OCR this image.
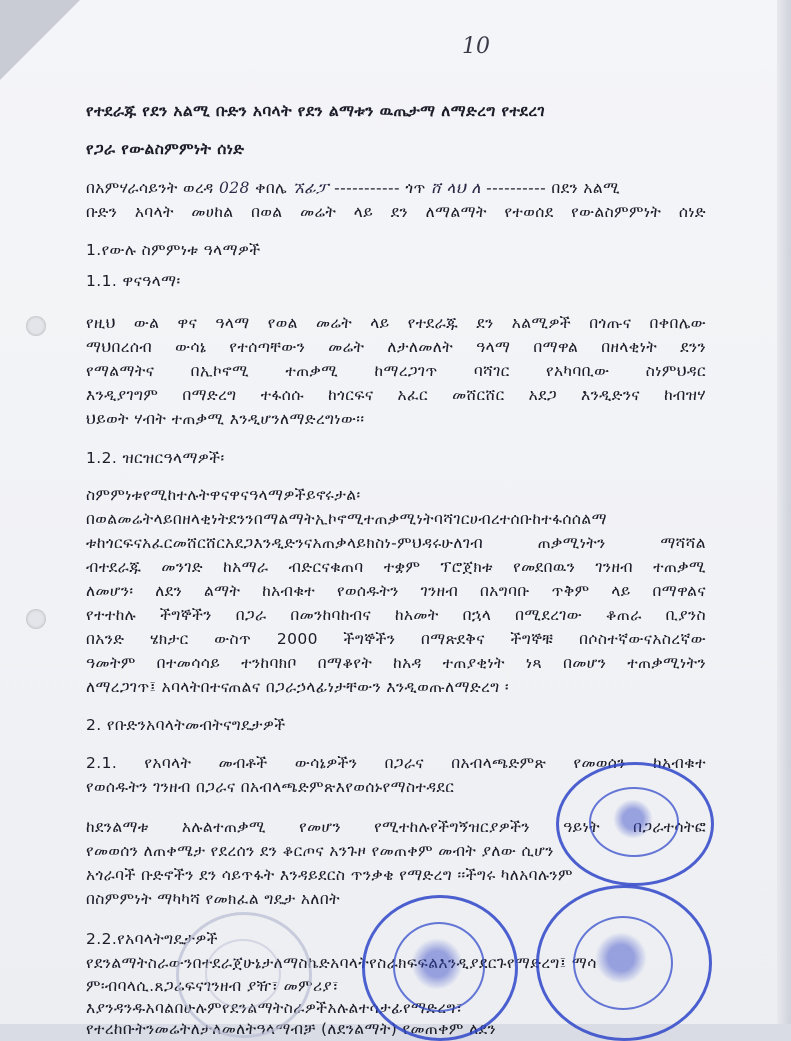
10
የተደራጁ የደን አልሚ ቡድን አባላት የደን ልማቱን ዉጤታማ ለማድረግ የተደረገ
የጋራ የውልስምምነት ሰነድ
በአምሃራሳይንት ወረዳ 028 ቀበሌ ኧፊፓ ----------- ጎጥ ሸ ላህ ለ ---------- በደን አልሚ
ቡድን አባላት መሀከል በወል መሬት ላይ ደን ለማልማት የተወሰደ የውልስምምነት ሰነድ
1.የውሉ ስምምነቱ ዓላማዎች
1.1. ዋናዓላማ፡
የዚህ ውል ዋና ዓላማ የወል መሬት ላይ የተደራጁ ደን አልሚዎች በጎጡና በቀበሌው
ማህበረሰብ ውሳኔ የተሰጣቸውን መሬት ለታለመለት ዓላማ በማዋል በዘላቂነት ደንን
የማልማትና በኢኮኖሚ ተጠቃሚ ከማረጋገጥ ባሻገር የአካባቢው ስነምህዳር
እንዲያገግም በማድረግ ተፋሰሱ ከጎርፍና አፈር መሸርሸር አደጋ እንዲድንና ከብዝሃ
ህይወት ሃብት ተጠቃሚ እንዲሆንለማድረግነው፡፡
1.2. ዝርዝርዓላማዎች፡
ስምምነቱየሚከተሉትዋናዋናዓላማዎችይኖሩታል፡
በወልመሬትላይበዘላቂነትደንንበማልማትኢኮኖሚተጠቃሚነትባሻገርሀብረተሰቡከተፋሰሰልማ
ቱከጎርፍናአፈርመሸርሸርአደጋእንዲድንናአጠቃላይክስነ-ምህዳሩሁለገብ ጠቃሚነትን ማሻሻል
ብተደራጁ መንገድ ከአማራ ብድርናቁጠባ ተቋም ፕሮጀክቱ የመደበዉን ገንዘብ ተጠቃሚ
ለመሆን፡ ለደን ልማት ከአብቁተ የወሰዱትን ገንዘብ በአግባቡ ጥቅም ላይ በማዋልና
የተተከሉ ችግኞችን በጋራ በመንከባከብና ከአመት በኋላ በሚደረገው ቆጠራ ቢያንስ
በአንድ ሄክታር ውስጥ 2000 ችግኞችን በማጽደቅና ችግኞቹ በሶስተኛውናአስረኛው
ዓመትም በተመሳሳይ ተንከባክቦ በማቆየት ከአዳ ተጠያቂነት ነጻ በመሆን ተጠቃሚነትን
ለማረጋገጥ፤ አባላትበተናጠልና በጋራኃላፊነታቸውን እንዲወጡለማድረግ ፡
2. የቡድንአባላትመብትናግዴታዎች
2.1. የአባላት መብቶች ውሳኔዎችን በጋራና በአብላጫድምጽ የመወሰን ከአብቁተ
የወሰዱትን ገንዘብ በጋራና በአብላጫድምጽእየወሰኑየማስተዳደር
ከደንልማቱ አሉልተጠቃሚ የመሆን የሚተከሉየችግኝዝርያዎችን ዓይነት በጋራተሳትፎ
የመወሰን ለጠቀሜታ የደረሰን ደን ቆርጦና አንጉዞ የመጠቀም መብት ያለው ሲሆን
አጎራባች ቡድኖችን ደን ሳይጥፋት እንዳይደርስ ጥንቃቄ የማድረግ ፡፡ችግሩ ካለአባሉንም
በስምምነት ማካካሻ የመክፈል ግዴታ አለበት
2.2.የአባላትግዴታዎች
የደንልማትስራውንበተደራጀሁኔታለማስኬድአባላትየስራክፍፍልእንዲያደርጉየማድረግ፤ ማሳ
ም፡ብባላሲ.ጸጋሬፍናገንዘብ ያዥ፣ መምሪያ፣
እያንዳንዱአባልበሁሉምየደንልማትስራዎችአሉልተሳታፊየማድረግ፣
የተረከቡትንመሬትለታለመለትዓላማብቻ (ለደንልማት) የመጠቀም ለደን
